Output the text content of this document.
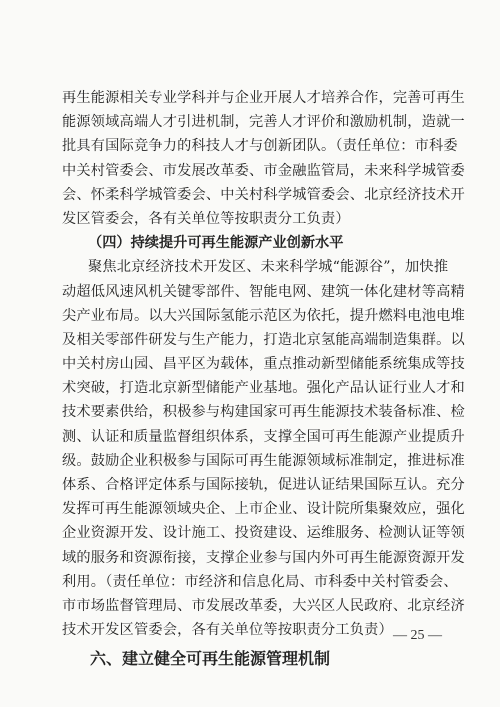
再生能源相关专业学科并与企业开展人才培养合作，完善可再生
能源领域高端人才引进机制，完善人才评价和激励机制，造就一
批具有国际竞争力的科技人才与创新团队。（责任单位：市科委
中关村管委会、市发展改革委、市金融监管局，未来科学城管委
会、怀柔科学城管委会、中关村科学城管委会、北京经济技术开
发区管委会，各有关单位等按职责分工负责）
（四）持续提升可再生能源产业创新水平
聚焦北京经济技术开发区、未来科学城“能源谷”，加快推
动超低风速风机关键零部件、智能电网、建筑一体化建材等高精
尖产业布局。以大兴国际氢能示范区为依托，提升燃料电池电堆
及相关零部件研发与生产能力，打造北京氢能高端制造集群。以
中关村房山园、昌平区为载体，重点推动新型储能系统集成等技
术突破，打造北京新型储能产业基地。强化产品认证行业人才和
技术要素供给，积极参与构建国家可再生能源技术装备标准、检
测、认证和质量监督组织体系，支撑全国可再生能源产业提质升
级。鼓励企业积极参与国际可再生能源领域标准制定，推进标准
体系、合格评定体系与国际接轨，促进认证结果国际互认。充分
发挥可再生能源领域央企、上市企业、设计院所集聚效应，强化
企业资源开发、设计施工、投资建设、运维服务、检测认证等领
域的服务和资源衔接，支撑企业参与国内外可再生能源资源开发
利用。（责任单位：市经济和信息化局、市科委中关村管委会、
市市场监督管理局、市发展改革委，大兴区人民政府、北京经济
技术开发区管委会，各有关单位等按职责分工负责）
六、建立健全可再生能源管理机制
— 25 —
